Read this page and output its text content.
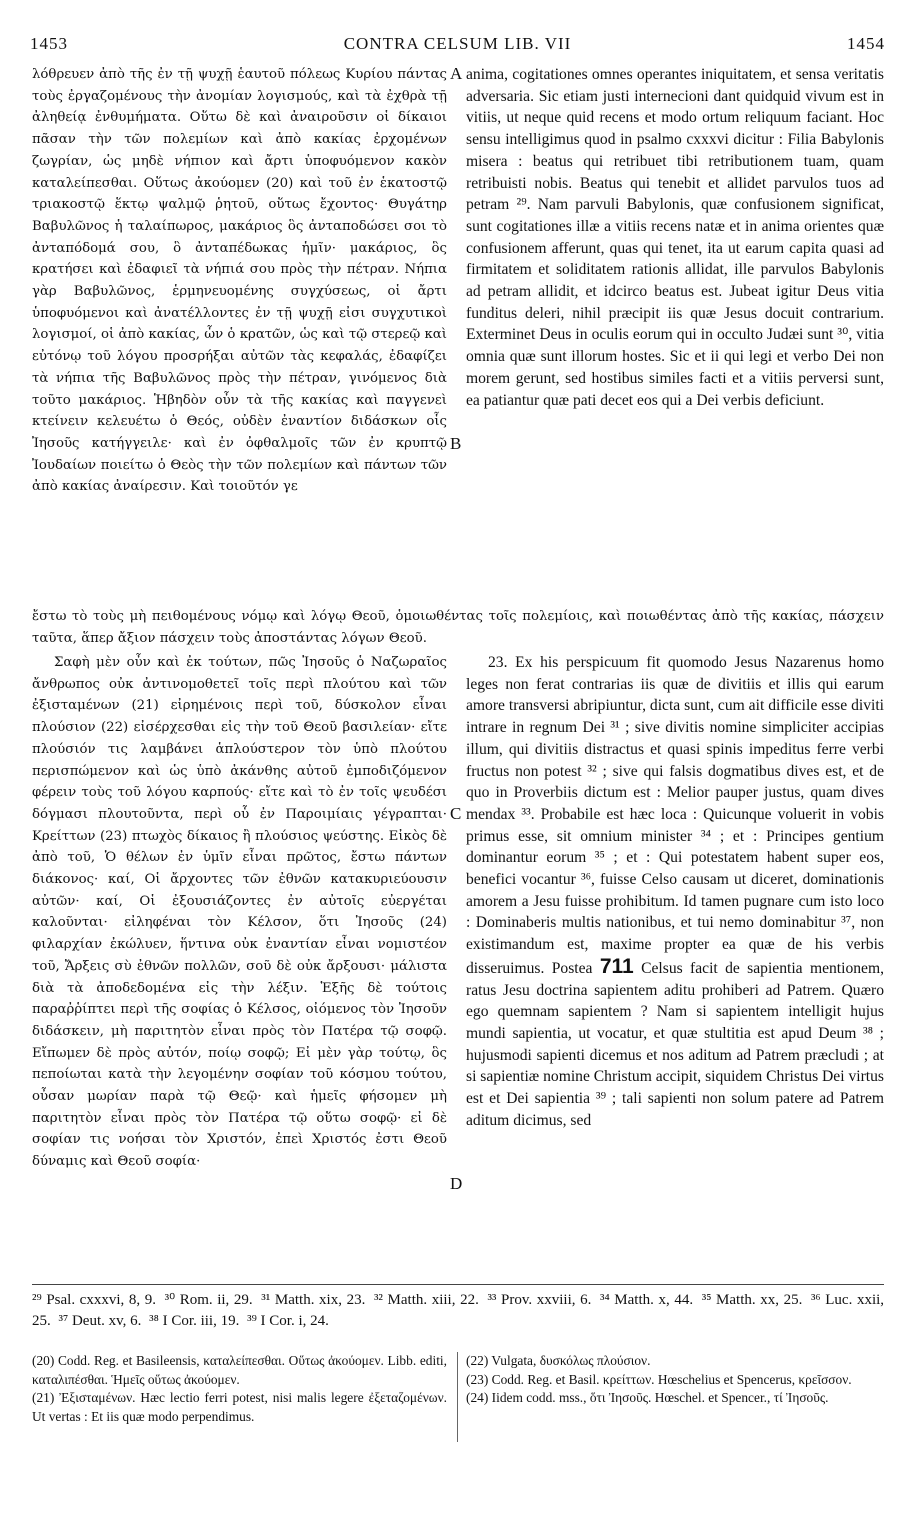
1453	CONTRA CELSUM LIB. VII	1454
A
B
C
D

λόθρευεν ἀπὸ τῆς ἐν τῇ ψυχῇ ἑαυτοῦ πόλεως Κυρίου πάντας τοὺς ἐργαζομένους τὴν ἀνομίαν λογισμούς, καὶ τὰ ἐχθρὰ τῇ ἀληθείᾳ ἐνθυμήματα. Οὕτω δὲ καὶ ἀναιροῦσιν οἱ δίκαιοι πᾶσαν τὴν τῶν πολεμίων καὶ ἀπὸ κακίας ἐρχομένων ζωγρίαν, ὡς μηδὲ νήπιον καὶ ἄρτι ὑποφυόμενον κακὸν καταλείπεσθαι. Οὕτως ἀκούομεν (20) καὶ τοῦ ἐν ἑκατοστῷ τριακοστῷ ἕκτῳ ψαλμῷ ῥητοῦ, οὕτως ἔχοντος· Θυγάτηρ Βαβυλῶνος ἡ ταλαίπωρος, μακάριος ὃς ἀνταποδώσει σοι τὸ ἀνταπόδομά σου, ὃ ἀνταπέδωκας ἡμῖν· μακάριος, ὃς κρατήσει καὶ ἐδαφιεῖ τὰ νήπιά σου πρὸς τὴν πέτραν. Νήπια γὰρ Βαβυλῶνος, ἑρμηνευομένης συγχύσεως, οἱ ἄρτι ὑποφυόμενοι καὶ ἀνατέλλοντες ἐν τῇ ψυχῇ εἰσι συγχυτικοὶ λογισμοί, οἱ ἀπὸ κακίας, ὧν ὁ κρατῶν, ὡς καὶ τῷ στερεῷ καὶ εὐτόνῳ τοῦ λόγου προσρήξαι αὐτῶν τὰς κεφαλάς, ἐδαφίζει τὰ νήπια τῆς Βαβυλῶνος πρὸς τὴν πέτραν, γινόμενος διὰ τοῦτο μακάριος. Ἡβηδὸν οὖν τὰ τῆς κακίας καὶ παγγενεὶ κτείνειν κελευέτω ὁ Θεός, οὐδὲν ἐναντίον διδάσκων οἷς Ἰησοῦς κατήγγειλε· καὶ ἐν ὀφθαλμοῖς τῶν ἐν κρυπτῷ Ἰουδαίων ποιείτω ὁ Θεὸς τὴν τῶν πολεμίων καὶ πάντων τῶν ἀπὸ κακίας ἀναίρεσιν. Καὶ τοιοῦτόν γε

anima, cogitationes omnes operantes iniquitatem, et sensa veritatis adversaria. Sic etiam justi internecioni dant quidquid vivum est in vitiis, ut neque quid recens et modo ortum reliquum faciant. Hoc sensu intelligimus quod in psalmo cxxxvi dicitur : Filia Babylonis misera : beatus qui retribuet tibi retributionem tuam, quam retribuisti nobis. Beatus qui tenebit et allidet parvulos tuos ad petram ²⁹. Nam parvuli Babylonis, quæ confusionem significat, sunt cogitationes illæ a vitiis recens natæ et in anima orientes quæ confusionem afferunt, quas qui tenet, ita ut earum capita quasi ad firmitatem et soliditatem rationis allidat, ille parvulos Babylonis ad petram allidit, et idcirco beatus est. Jubeat igitur Deus vitia funditus deleri, nihil præcipit iis quæ Jesus docuit contrarium. Exterminet Deus in oculis eorum qui in occulto Judæi sunt ³⁰, vitia omnia quæ sunt illorum hostes. Sic et ii qui legi et verbo Dei non morem gerunt, sed hostibus similes facti et a vitiis perversi sunt, ea patiantur quæ pati decet eos qui a Dei verbis deficiunt.

ἔστω τὸ τοὺς μὴ πειθομένους νόμῳ καὶ λόγῳ Θεοῦ, ὁμοιωθέντας τοῖς πολεμίοις, καὶ ποιωθέντας ἀπὸ τῆς κακίας, πάσχειν ταῦτα, ἅπερ ἄξιον πάσχειν τοὺς ἀποστάντας λόγων Θεοῦ.

Σαφὴ μὲν οὖν καὶ ἐκ τούτων, πῶς Ἰησοῦς ὁ Ναζωραῖος ἄνθρωπος οὐκ ἀντινομοθετεῖ τοῖς περὶ πλούτου καὶ τῶν ἐξισταμένων (21) εἰρημένοις περὶ τοῦ, δύσκολον εἶναι πλούσιον (22) εἰσέρχεσθαι εἰς τὴν τοῦ Θεοῦ βασιλείαν· εἴτε πλούσιόν τις λαμβάνει ἁπλούστερον τὸν ὑπὸ πλούτου περισπώμενον καὶ ὡς ὑπὸ ἀκάνθης αὐτοῦ ἐμποδιζόμενον φέρειν τοὺς τοῦ λόγου καρπούς· εἴτε καὶ τὸ ἐν τοῖς ψευδέσι δόγμασι πλουτοῦντα, περὶ οὗ ἐν Παροιμίαις γέγραπται· Κρείττων (23) πτωχὸς δίκαιος ἢ πλούσιος ψεύστης. Εἰκὸς δὲ ἀπὸ τοῦ, Ὁ θέλων ἐν ὑμῖν εἶναι πρῶτος, ἔστω πάντων διάκονος· καί, Οἱ ἄρχοντες τῶν ἐθνῶν κατακυριεύουσιν αὐτῶν· καί, Οἱ ἐξουσιάζοντες ἐν αὐτοῖς εὐεργέται καλοῦνται· εἰληφέναι τὸν Κέλσον, ὅτι Ἰησοῦς (24) φιλαρχίαν ἐκώλυεν, ἥντινα οὐκ ἐναντίαν εἶναι νομιστέον τοῦ, Ἄρξεις σὺ ἐθνῶν πολλῶν, σοῦ δὲ οὐκ ἄρξουσι· μάλιστα διὰ τὰ ἀποδεδομένα εἰς τὴν λέξιν. Ἑξῆς δὲ τούτοις παραῤῥίπτει περὶ τῆς σοφίας ὁ Κέλσος, οἰόμενος τὸν Ἰησοῦν διδάσκειν, μὴ παριτητὸν εἶναι πρὸς τὸν Πατέρα τῷ σοφῷ. Εἴπωμεν δὲ πρὸς αὐτόν, ποίῳ σοφῷ; Εἰ μὲν γὰρ τούτῳ, ὃς πεποίωται κατὰ τὴν λεγομένην σοφίαν τοῦ κόσμου τούτου, οὖσαν μωρίαν παρὰ τῷ Θεῷ· καὶ ἡμεῖς φήσομεν μὴ παριτητὸν εἶναι πρὸς τὸν Πατέρα τῷ οὕτω σοφῷ· εἰ δὲ σοφίαν τις νοήσαι τὸν Χριστόν, ἐπεὶ Χριστός ἐστι Θεοῦ δύναμις καὶ Θεοῦ σοφία·

23. Ex his perspicuum fit quomodo Jesus Nazarenus homo leges non ferat contrarias iis quæ de divitiis et illis qui earum amore transversi abripiuntur, dicta sunt, cum ait difficile esse diviti intrare in regnum Dei ³¹ ; sive divitis nomine simpliciter accipias illum, qui divitiis distractus et quasi spinis impeditus ferre verbi fructus non potest ³² ; sive qui falsis dogmatibus dives est, et de quo in Proverbiis dictum est : Melior pauper justus, quam dives mendax ³³. Probabile est hæc loca : Quicunque voluerit in vobis primus esse, sit omnium minister ³⁴ ; et : Principes gentium dominantur eorum ³⁵ ; et : Qui potestatem habent super eos, benefici vocantur ³⁶, fuisse Celso causam ut diceret, dominationis amorem a Jesu fuisse prohibitum. Id tamen pugnare cum isto loco : Dominaberis multis nationibus, et tui nemo dominabitur ³⁷, non existimandum est, maxime propter ea quæ de his verbis disseruimus. Postea 711 Celsus facit de sapientia mentionem, ratus Jesu doctrina sapientem aditu prohiberi ad Patrem. Quæro ego quemnam sapientem ? Nam si sapientem intelligit hujus mundi sapientia, ut vocatur, et quæ stultitia est apud Deum ³⁸ ; hujusmodi sapienti dicemus et nos aditum ad Patrem præcludi ; at si sapientiæ nomine Christum accipit, siquidem Christus Dei virtus est et Dei sapientia ³⁹ ; tali sapienti non solum patere ad Patrem aditum dicimus, sed

²⁹ Psal. cxxxvi, 8, 9. ³⁰ Rom. ii, 29. ³¹ Matth. xix, 23. ³² Matth. xiii, 22. ³³ Prov. xxviii, 6. ³⁴ Matth. x, 44. ³⁵ Matth. xx, 25. ³⁶ Luc. xxii, 25. ³⁷ Deut. xv, 6. ³⁸ I Cor. iii, 19. ³⁹ I Cor. i, 24.

(20) Codd. Reg. et Basileensis, καταλείπεσθαι. Οὕτως ἀκούομεν. Libb. editi, καταλιπέσθαι. Ἡμεῖς οὕτως ἀκούομεν.

(21) Ἐξισταμένων. Hæc lectio ferri potest, nisi malis legere ἐξεταζομένων. Ut vertas : Et iis quæ modo perpendimus.

(22) Vulgata, δυσκόλως πλούσιον.

(23) Codd. Reg. et Basil. κρείττων. Hœschelius et Spencerus, κρεῖσσον.

(24) Iidem codd. mss., ὅτι Ἰησοῦς. Hœschel. et Spencer., τί Ἰησοῦς.
